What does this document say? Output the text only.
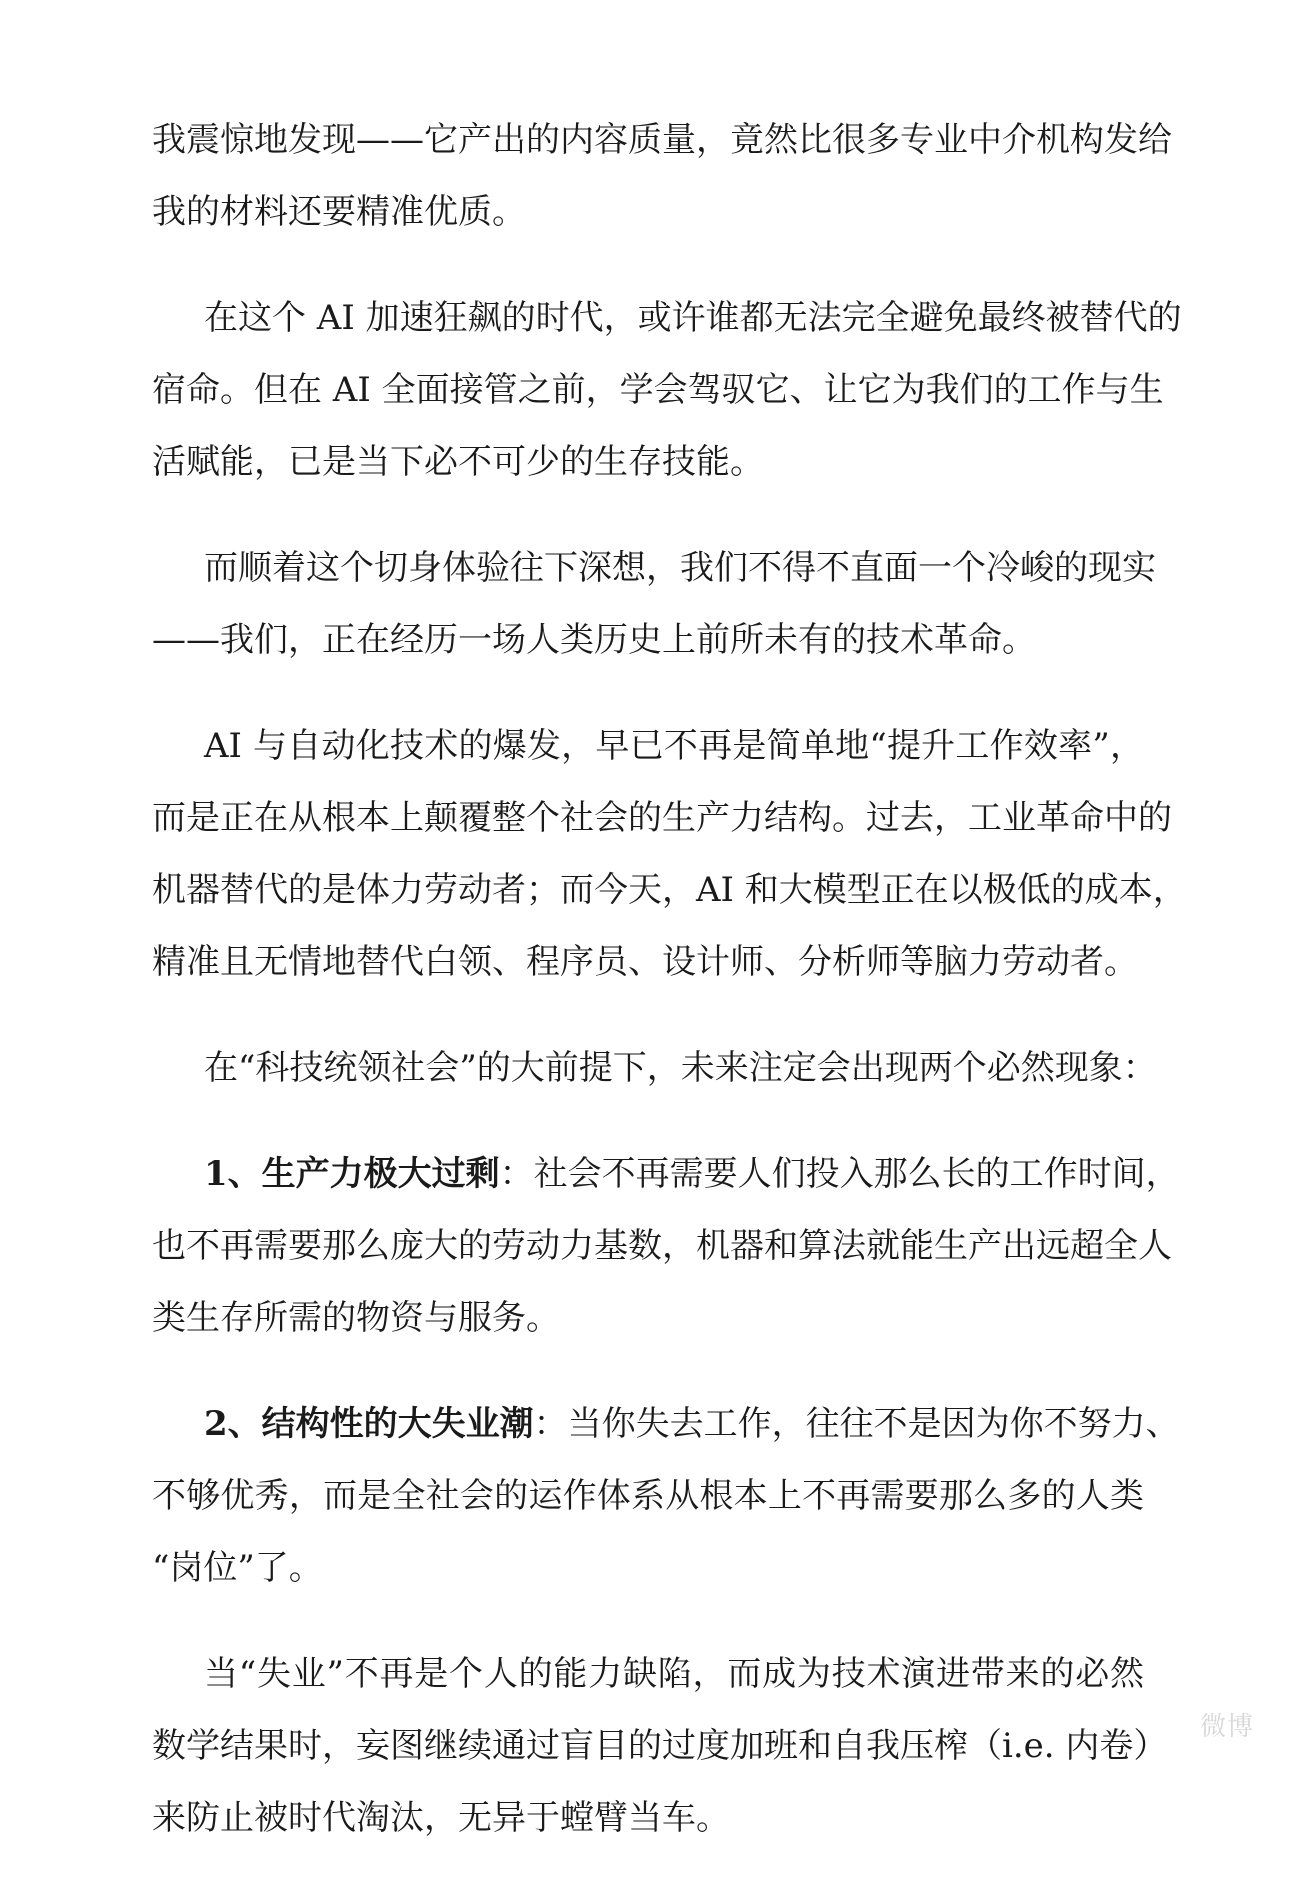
我震惊地发现——它产出的内容质量，竟然比很多专业中介机构发给
我的材料还要精准优质。
在这个 AI 加速狂飙的时代，或许谁都无法完全避免最终被替代的
宿命。但在 AI 全面接管之前，学会驾驭它、让它为我们的工作与生
活赋能，已是当下必不可少的生存技能。
而顺着这个切身体验往下深想，我们不得不直面一个冷峻的现实
——我们，正在经历一场人类历史上前所未有的技术革命。
AI 与自动化技术的爆发，早已不再是简单地“提升工作效率”，
而是正在从根本上颠覆整个社会的生产力结构。过去，工业革命中的
机器替代的是体力劳动者；而今天，AI 和大模型正在以极低的成本，
精准且无情地替代白领、程序员、设计师、分析师等脑力劳动者。
在“科技统领社会”的大前提下，未来注定会出现两个必然现象：
1、生产力极大过剩：社会不再需要人们投入那么长的工作时间，
也不再需要那么庞大的劳动力基数，机器和算法就能生产出远超全人
类生存所需的物资与服务。
2、结构性的大失业潮：当你失去工作，往往不是因为你不努力、
不够优秀，而是全社会的运作体系从根本上不再需要那么多的人类
“岗位”了。
当“失业”不再是个人的能力缺陷，而成为技术演进带来的必然
数学结果时，妄图继续通过盲目的过度加班和自我压榨（i.e. 内卷）
来防止被时代淘汰，无异于螳臂当车。
微博
